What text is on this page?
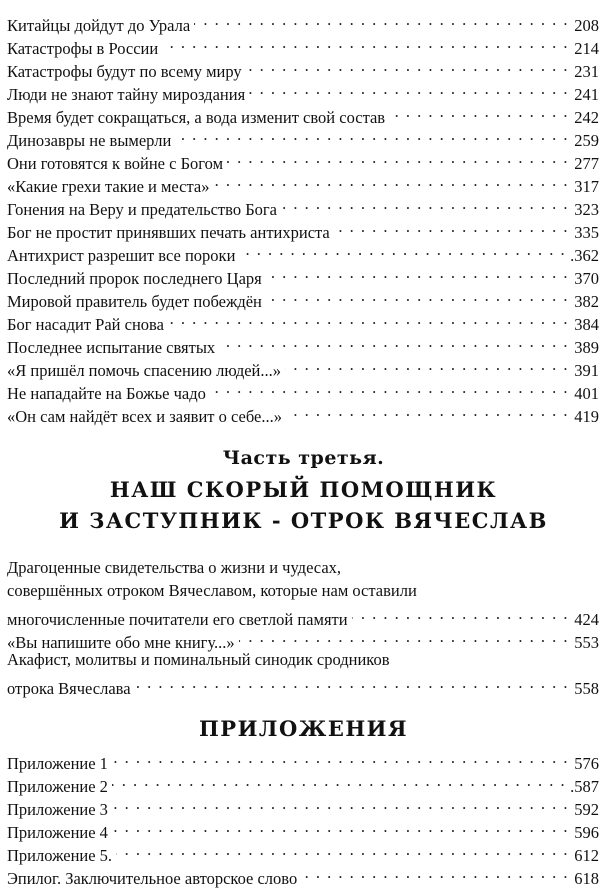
Китайцы дойдут до Урала . . .	208
Катастрофы в России . . .	214
Катастрофы будут по всему миру . . .	231
Люди не знают тайну мироздания . . .	241
Время будет сокращаться, а вода изменит свой состав . . .	242
Динозавры не вымерли . . .	259
Они готовятся к войне с Богом . . .	277
«Какие грехи такие и места» . . .	317
Гонения на Веру и предательство Бога . . .	323
Бог не простит принявших печать антихриста . . .	335
Антихрист разрешит все пороки . . .	.362
Последний пророк последнего Царя . . .	370
Мировой правитель будет побеждён . . .	382
Бог насадит Рай снова . . .	384
Последнее испытание святых . . .	389
«Я пришёл помочь спасению людей...» . . .	391
Не нападайте на Божье чадо . . .	401
«Он сам найдёт всех и заявит о себе...» . . .	419
Часть третья.
НАШ СКОРЫЙ ПОМОЩНИК
И ЗАСТУПНИК - ОТРОК ВЯЧЕСЛАВ
Драгоценные свидетельства о жизни и чудесах,
совершённых отроком Вячеславом, которые нам оставили
многочисленные почитатели его светлой памяти . . .	424
«Вы напишите обо мне книгу...» . . .	553
Акафист, молитвы и поминальный синодик сродников
отрока Вячеслава . . .	558
ПРИЛОЖЕНИЯ
Приложение 1 . . .	576
Приложение 2 . . .	.587
Приложение 3 . . .	592
Приложение 4 . . .	596
Приложение 5. . . .	612
Эпилог. Заключительное авторское слово . . .	618
